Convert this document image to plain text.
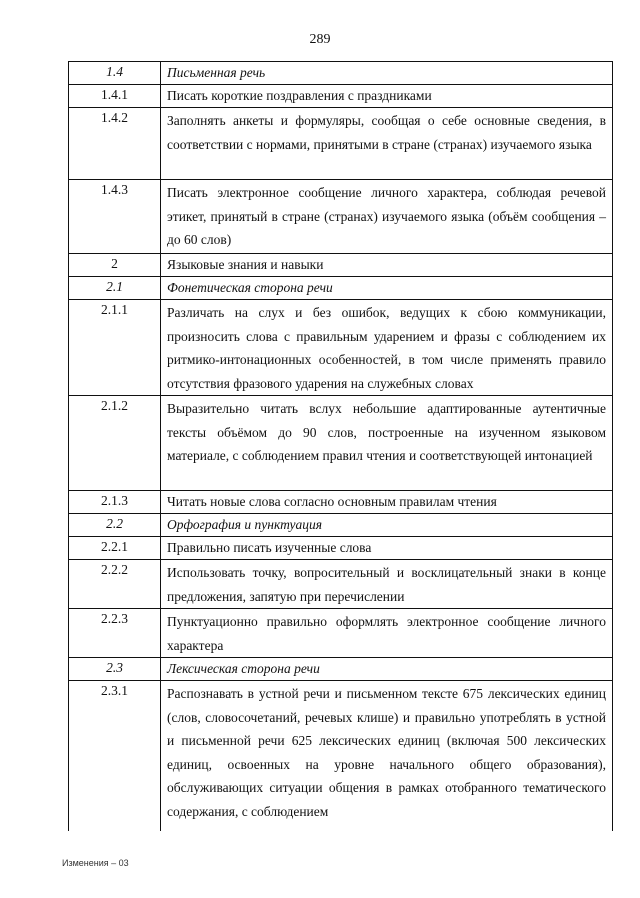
289
1.4	Письменная речь
1.4.1	Писать короткие поздравления с праздниками
1.4.2	Заполнять анкеты и формуляры, сообщая о себе основные сведения, в соответствии с нормами, принятыми в стране (странах) изучаемого языка
1.4.3	Писать электронное сообщение личного характера, соблюдая речевой этикет, принятый в стране (странах) изучаемого языка (объём сообщения – до 60 слов)
2	Языковые знания и навыки
2.1	Фонетическая сторона речи
2.1.1	Различать на слух и без ошибок, ведущих к сбою коммуникации, произносить слова с правильным ударением и фразы с соблюдением их ритмико-интонационных особенностей, в том числе применять правило отсутствия фразового ударения на служебных словах
2.1.2	Выразительно читать вслух небольшие адаптированные аутентичные тексты объёмом до 90 слов, построенные на изученном языковом материале, с соблюдением правил чтения и соответствующей интонацией
2.1.3	Читать новые слова согласно основным правилам чтения
2.2	Орфография и пунктуация
2.2.1	Правильно писать изученные слова
2.2.2	Использовать точку, вопросительный и восклицательный знаки в конце предложения, запятую при перечислении
2.2.3	Пунктуационно правильно оформлять электронное сообщение личного характера
2.3	Лексическая сторона речи
2.3.1	Распознавать в устной речи и письменном тексте 675 лексических единиц (слов, словосочетаний, речевых клише) и правильно употреблять в устной и письменной речи 625 лексических единиц (включая 500 лексических единиц, освоенных на уровне начального общего образования), обслуживающих ситуации общения в рамках отобранного тематического содержания, с соблюдением
Изменения – 03
